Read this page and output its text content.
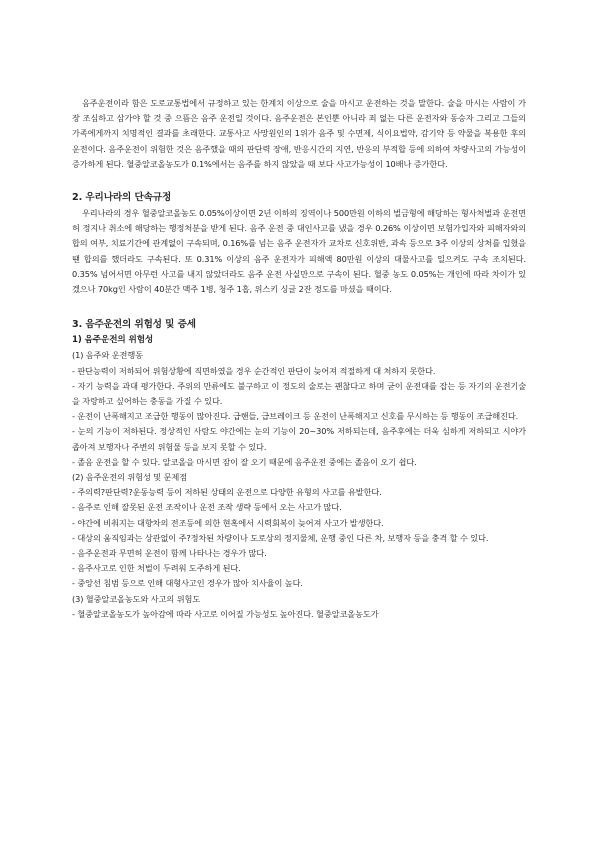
음주운전이라 함은 도로교통법에서 규정하고 있는 한계치 이상으로 술을 마시고 운전하는 것을 말한다. 술을 마시는 사람이 가장 조심하고 삼가야 할 것 중 으뜸은 음주 운전일 것이다. 음주운전은 본인뿐 아니라 죄 없는 다른 운전자와 동승자 그리고 그들의 가족에게까지 치명적인 결과를 초래한다. 교통사고 사망원인의 1위가 음주 및 수면제, 식이요법약, 감기약 등 약물을 복용한 후의 운전이다. 음주운전이 위험한 것은 음주했을 때의 판단력 장애, 반응시간의 지연, 반응의 부적합 등에 의하여 차량사고의 가능성이 증가하게 된다. 혈중알코올농도가 0.1%에서는 음주를 하지 않았을 때 보다 사고가능성이 10배나 증가한다.

2. 우리나라의 단속규정

우리나라의 경우 혈중알코올농도 0.05%이상이면 2년 이하의 징역이나 500만원 이하의 벌금형에 해당하는 형사처벌과 운전면허 정지나 취소에 해당하는 행정처분을 받게 된다. 음주 운전 중 대인사고를 냈을 경우 0.26% 이상이면 보험가입자와 피해자와의 합의 여부, 치료기간에 관계없이 구속되며, 0.16%를 넘는 음주 운전자가 교차로 신호위반, 과속 등으로 3주 이상의 상처를 입혔을 땐 합의를 했더라도 구속된다. 또 0.31% 이상의 음주 운전자가 피해액 80만원 이상의 대물사고를 일으켜도 구속 조치된다. 0.35% 넘어서면 아무런 사고를 내지 않았더라도 음주 운전 사실만으로 구속이 된다. 혈중 농도 0.05%는 개인에 따라 차이가 있겠으나 70kg인 사람이 40분간 맥주 1병, 청주 1홉, 위스키 싱글 2잔 정도를 마셨을 때이다.

3. 음주운전의 위험성 및 증세
1) 음주운전의 위험성

(1) 음주와 운전행동

- 판단능력이 저하되어 위험상황에 직면하였을 경우 순간적인 판단이 늦어져 적절하게 대 처하지 못한다.

- 자기 능력을 과대 평가한다. 주위의 만류에도 불구하고 이 정도의 술로는 괜찮다고 하며 굳이 운전대를 잡는 등 자기의 운전기술을 자랑하고 싶어하는 충동을 가질 수 있다.

- 운전이 난폭해지고 조급한 행동이 많아진다. 급핸들, 급브레이크 등 운전이 난폭해지고 신호를 무시하는 등 행동이 조급해진다.

- 눈의 기능이 저하된다. 정상적인 사람도 야간에는 눈의 기능이 20~30% 저하되는데, 음주후에는 더욱 심하게 저하되고 시야가 좁아져 보행자나 주변의 위험물 등을 보지 못할 수 있다.

- 졸음 운전을 할 수 있다. 알코올을 마시면 잠이 잘 오기 때문에 음주운전 중에는 졸음이 오기 쉽다.

(2) 음주운전의 위험성 및 문제점

- 주의력?판단력?운동능력 등이 저하된 상태의 운전으로 다양한 유형의 사고를 유발한다.

- 음주로 인해 잘못된 운전 조작이나 운전 조작 생략 등에서 오는 사고가 많다.

- 야간에 비춰지는 대향차의 전조등에 의한 현혹에서 시력회복이 늦어져 사고가 발생한다.

- 대상의 움직임과는 상관없이 주?정차된 차량이나 도로상의 정지물체, 운행 중인 다른 차, 보행자 등을 충격 할 수 있다.

- 음주운전과 무면허 운전이 함께 나타나는 경우가 많다.

- 음주사고로 인한 처벌이 두려워 도주하게 된다.

- 중앙선 침범 등으로 인해 대형사고인 경우가 많아 치사율이 높다.

(3) 혈중알코올농도와 사고의 위험도

- 혈중알코올농도가 높아감에 따라 사고로 이어질 가능성도 높아진다. 혈중알코올농도가
